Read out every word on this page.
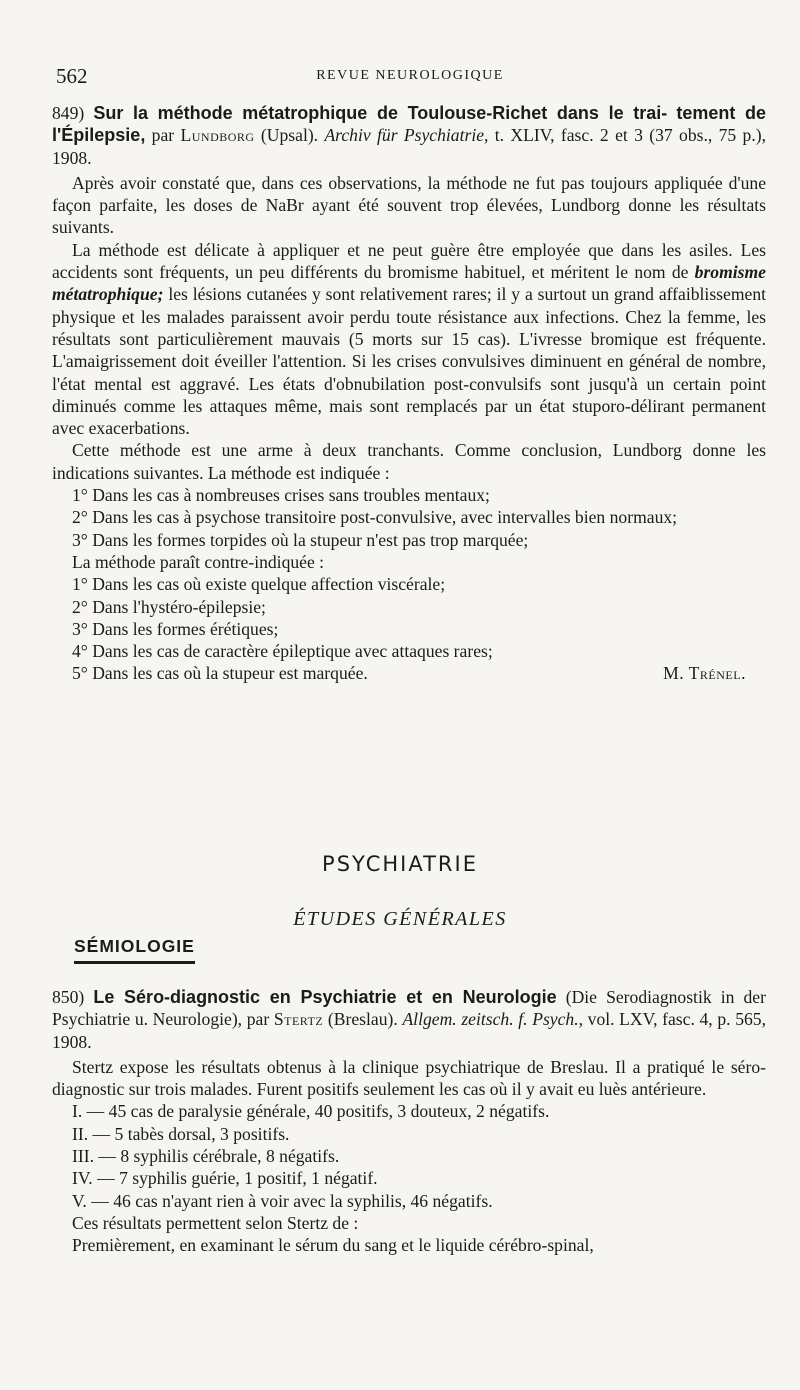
562	REVUE NEUROLOGIQUE

849) Sur la méthode métatrophique de Toulouse-Richet dans le trai- tement de l'Épilepsie, par Lundborg (Upsal). Archiv für Psychiatrie, t. XLIV, fasc. 2 et 3 (37 obs., 75 p.), 1908.

Après avoir constaté que, dans ces observations, la méthode ne fut pas toujours appliquée d'une façon parfaite, les doses de NaBr ayant été souvent trop élevées, Lundborg donne les résultats suivants.

La méthode est délicate à appliquer et ne peut guère être employée que dans les asiles. Les accidents sont fréquents, un peu différents du bromisme habituel, et méritent le nom de bromisme métatrophique; les lésions cutanées y sont relativement rares; il y a surtout un grand affaiblissement physique et les malades paraissent avoir perdu toute résistance aux infections. Chez la femme, les résultats sont particulièrement mauvais (5 morts sur 15 cas). L'ivresse bromique est fréquente. L'amaigrissement doit éveiller l'attention. Si les crises convulsives diminuent en général de nombre, l'état mental est aggravé. Les états d'obnubilation post-convulsifs sont jusqu'à un certain point diminués comme les attaques même, mais sont remplacés par un état stuporo-délirant permanent avec exacerbations.

Cette méthode est une arme à deux tranchants. Comme conclusion, Lundborg donne les indications suivantes. La méthode est indiquée :

1° Dans les cas à nombreuses crises sans troubles mentaux;

2° Dans les cas à psychose transitoire post-convulsive, avec intervalles bien normaux;

3° Dans les formes torpides où la stupeur n'est pas trop marquée;

La méthode paraît contre-indiquée :

1° Dans les cas où existe quelque affection viscérale;

2° Dans l'hystéro-épilepsie;

3° Dans les formes érétiques;

4° Dans les cas de caractère épileptique avec attaques rares;

5° Dans les cas où la stupeur est marquée.	M. Trénel.

PSYCHIATRIE
ÉTUDES GÉNÉRALES
SÉMIOLOGIE

850) Le Séro-diagnostic en Psychiatrie et en Neurologie (Die Serodiagnostik in der Psychiatrie u. Neurologie), par Stertz (Breslau). Allgem. zeitsch. f. Psych., vol. LXV, fasc. 4, p. 565, 1908.

Stertz expose les résultats obtenus à la clinique psychiatrique de Breslau. Il a pratiqué le séro-diagnostic sur trois malades. Furent positifs seulement les cas où il y avait eu luès antérieure.

I. — 45 cas de paralysie générale, 40 positifs, 3 douteux, 2 négatifs.

II. — 5 tabès dorsal, 3 positifs.

III. — 8 syphilis cérébrale, 8 négatifs.

IV. — 7 syphilis guérie, 1 positif, 1 négatif.

V. — 46 cas n'ayant rien à voir avec la syphilis, 46 négatifs.

Ces résultats permettent selon Stertz de :

Premièrement, en examinant le sérum du sang et le liquide cérébro-spinal,
